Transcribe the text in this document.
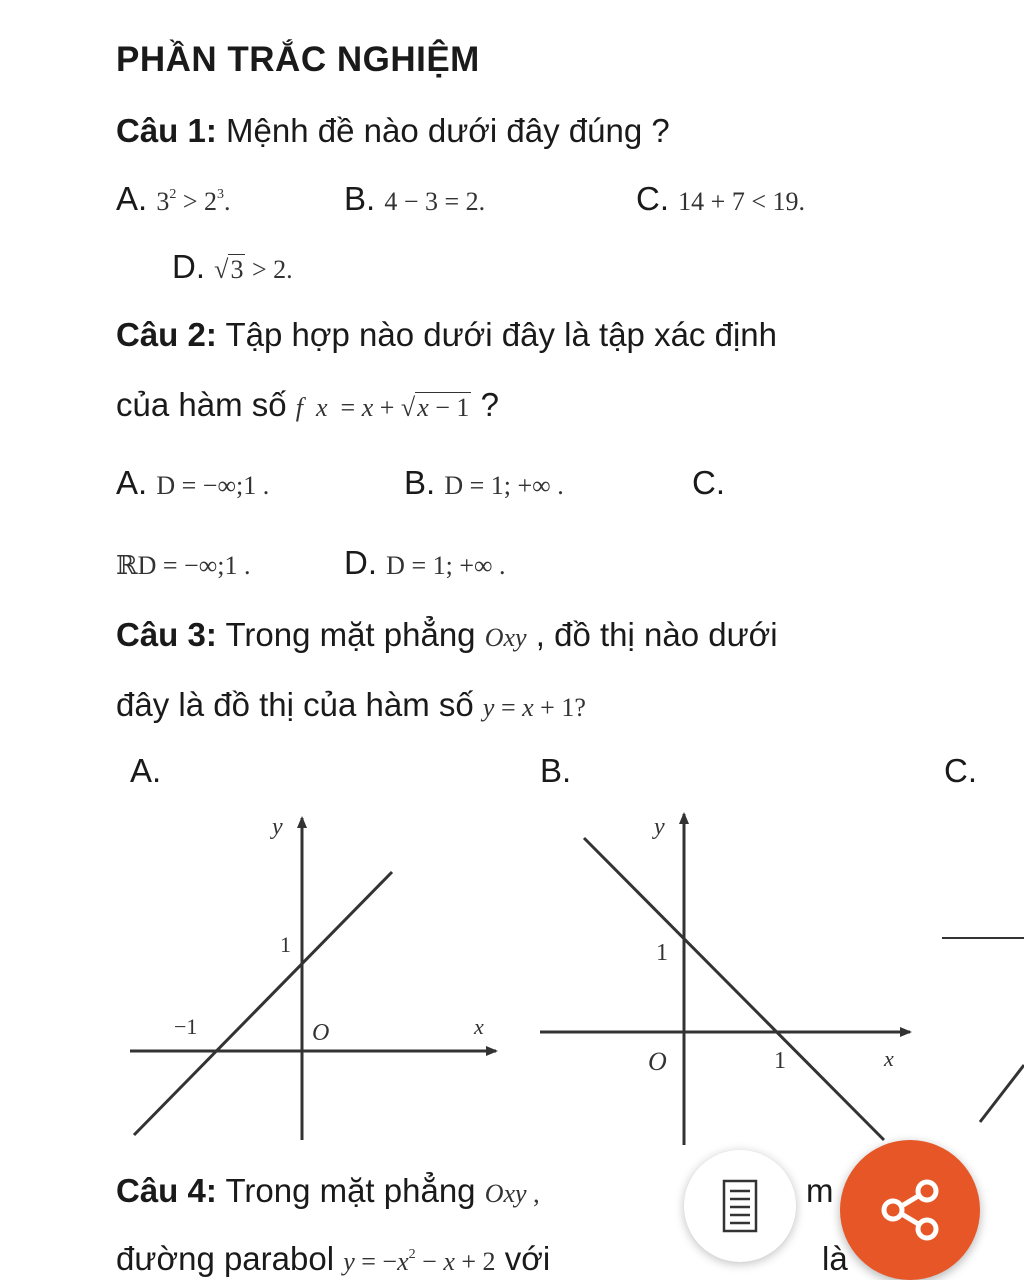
PHẦN TRẮC NGHIỆM
Câu 1: Mệnh đề nào dưới đây đúng ?
A. $3^2 > 2^3$.	B. 4 − 3 = 2.	C. 14 + 7 < 19.
D. √3 > 2.
Câu 2: Tập hợp nào dưới đây là tập xác định
của hàm số f x  = x + √x − 1 ?
A. D = −∞;1 .	B. D = 1; +∞ .	C.
ℝD = −∞;1 .	D. D = 1; +∞ .
Câu 3: Trong mặt phẳng Oxy , đồ thị nào dưới
đây là đồ thị của hàm số y = x + 1?
A.	B.	C.
y
x
1
−1	O
y
x
1
1
O
Câu 4: Trong mặt phẳng Oxy ,	m
đường parabol $y = -x^2 - x + 2$ với	là
